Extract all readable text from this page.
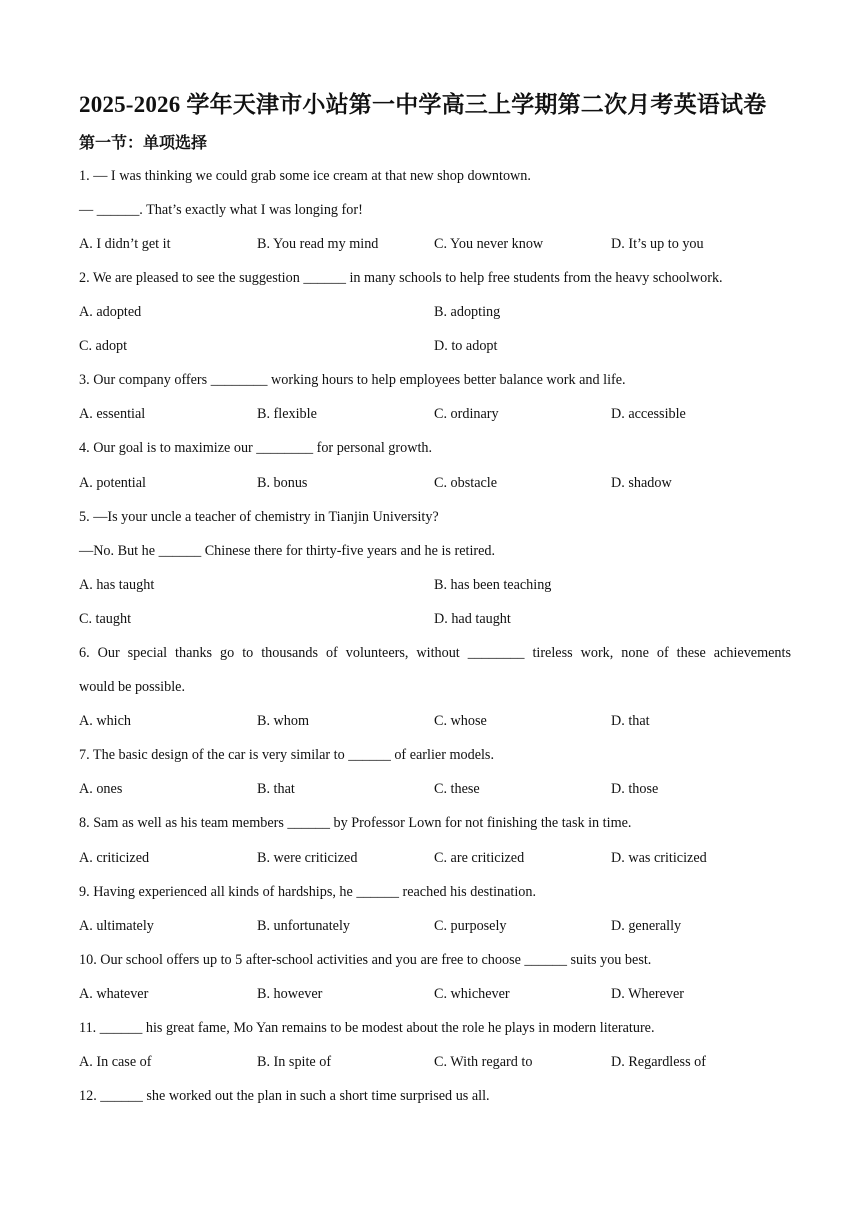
2025-2026 学年天津市小站第一中学高三上学期第二次月考英语试卷
第一节：单项选择
1. — I was thinking we could grab some ice cream at that new shop downtown.
— ______. That’s exactly what I was longing for!
A. I didn’t get it	B. You read my mind	C. You never know	D. It’s up to you
2. We are pleased to see the suggestion ______ in many schools to help free students from the heavy schoolwork.
A. adopted	B. adopting
C. adopt	D. to adopt
3. Our company offers ________ working hours to help employees better balance work and life.
A. essential	B. flexible	C. ordinary	D. accessible
4. Our goal is to maximize our ________ for personal growth.
A. potential	B. bonus	C. obstacle	D. shadow
5. —Is your uncle a teacher of chemistry in Tianjin University?
—No. But he ______ Chinese there for thirty-five years and he is retired.
A. has taught	B. has been teaching
C. taught	D. had taught
6. Our special thanks go to thousands of volunteers, without ________ tireless work, none of these achievements
would be possible.
A. which	B. whom	C. whose	D. that
7. The basic design of the car is very similar to ______ of earlier models.
A. ones	B. that	C. these	D. those
8. Sam as well as his team members ______ by Professor Lown for not finishing the task in time.
A. criticized	B. were criticized	C. are criticized	D. was criticized
9. Having experienced all kinds of hardships, he ______ reached his destination.
A. ultimately	B. unfortunately	C. purposely	D. generally
10. Our school offers up to 5 after-school activities and you are free to choose ______ suits you best.
A. whatever	B. however	C. whichever	D. Wherever
11. ______ his great fame, Mo Yan remains to be modest about the role he plays in modern literature.
A. In case of	B. In spite of	C. With regard to	D. Regardless of
12. ______ she worked out the plan in such a short time surprised us all.
